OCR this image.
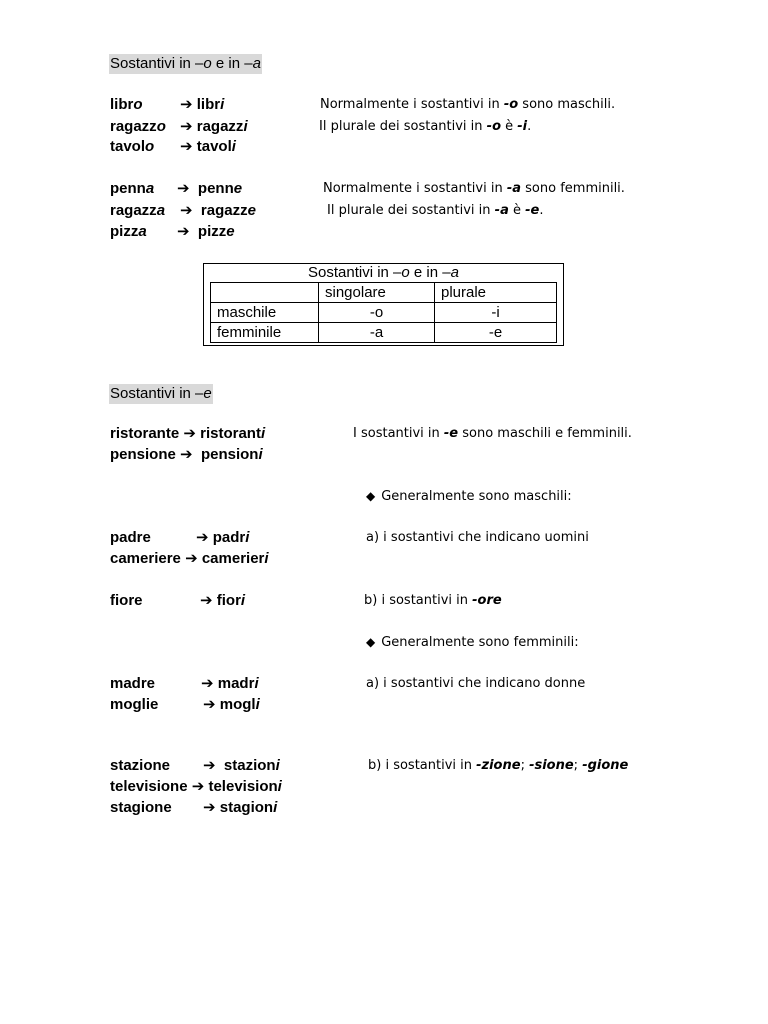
Sostantivi in –o e in –a
libro ➔ libri
ragazzo ➔ ragazzi
tavolo ➔ tavoli
penna ➔ penne
ragazza ➔ ragazze
pizza ➔ pizze
Normalmente i sostantivi in -o sono maschili.
Il plurale dei sostantivi in -o è -i.
Normalmente i sostantivi in -a sono femminili.
Il plurale dei sostantivi in -a è -e.
Sostantivi in –o e in –a

	singolare	plurale
maschile	-o	-i
femminile	-a	-e
Sostantivi in –e
ristorante ➔ ristoranti
pensione ➔ pensioni
padre	➔ padri
cameriere ➔ camerieri
fiore	➔ fiori
madre	➔ madri
moglie	➔ mogli
stazione ➔ stazioni
televisione ➔ televisioni
stagione ➔ stagioni
I sostantivi in -e sono maschili e femminili.
◆ Generalmente sono maschili:
a) i sostantivi che indicano uomini
b) i sostantivi in -ore
◆ Generalmente sono femminili:
a) i sostantivi che indicano donne
b) i sostantivi in -zione; -sione; -gione
